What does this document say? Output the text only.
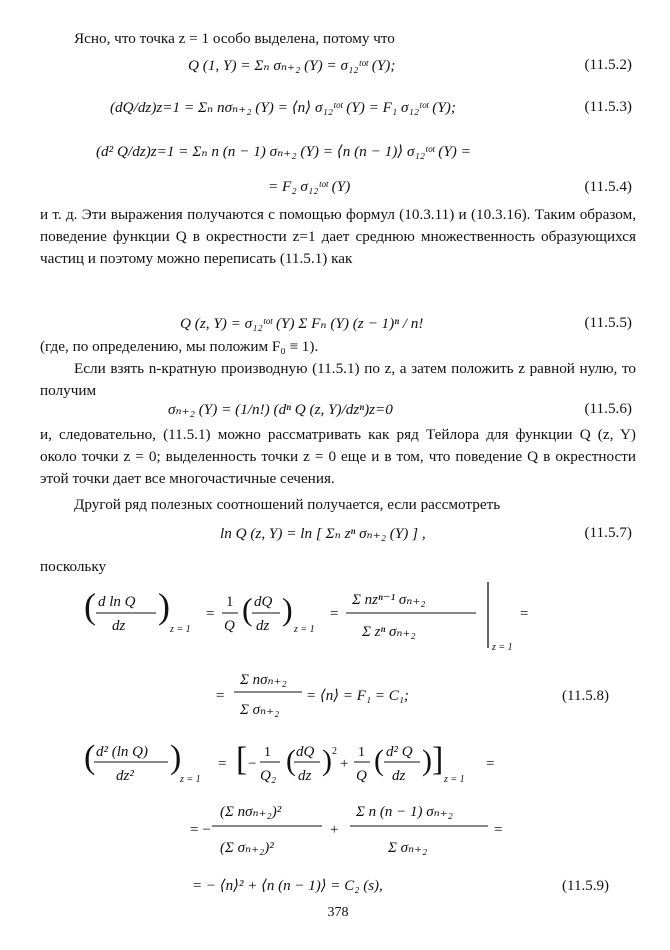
Ясно, что точка z = 1 особо выделена, потому что
Q (1, Y) = Σₙ σₙ₊₂ (Y) = σ₁₂ᵗᵒᵗ (Y);	(11.5.2)
(dQ/dz)z=1 = Σₙ nσₙ₊₂ (Y) = ⟨n⟩ σ₁₂ᵗᵒᵗ (Y) = F₁ σ₁₂ᵗᵒᵗ (Y);	(11.5.3)
(d² Q/dz)z=1 = Σₙ n (n − 1) σₙ₊₂ (Y) = ⟨n (n − 1)⟩ σ₁₂ᵗᵒᵗ (Y) =
= F₂ σ₁₂ᵗᵒᵗ (Y)	(11.5.4)
и т. д. Эти выражения получаются с помощью формул (10.3.11) и (10.3.16). Таким образом, поведение функции Q в окрестности z=1 дает среднюю множественность образующихся частиц и поэтому можно переписать (11.5.1) как
Q (z, Y) = σ₁₂ᵗᵒᵗ (Y) Σ Fₙ (Y) (z − 1)ⁿ / n!	(11.5.5)
(где, по определению, мы положим F₀ ≡ 1).
Если взять n-кратную производную (11.5.1) по z, а затем положить z равной нулю, то получим
σₙ₊₂ (Y) = (1/n!) (dⁿ Q (z, Y)/dzⁿ)z=0	(11.5.6)
и, следовательно, (11.5.1) можно рассматривать как ряд Тейлора для функции Q (z, Y) около точки z = 0; выделенность точки z = 0 еще и в том, что поведение Q в окрестности этой точки дает все многочастичные сечения.
Другой ряд полезных соотношений получается, если рассмотреть
ln Q (z, Y) = ln [ Σₙ zⁿ σₙ₊₂ (Y) ] ,	(11.5.7)
поскольку
( d ln Q
dz )
z = 1
=
1
Q ( dQ
dz )
z = 1
=
Σ nzⁿ⁻¹ σₙ₊₂
Σ zⁿ σₙ₊₂
z = 1
=
=
Σ nσₙ₊₂
Σ σₙ₊₂
= ⟨n⟩ = F₁ = C₁;	(11.5.8)
( d² (ln Q)
dz² )
z = 1
= [ −
1
Q₂ ( dQ
dz ) 2
+
1
Q ( d² Q
dz ) ]
z = 1
=
= −
(Σ nσₙ₊₂)²
(Σ σₙ₊₂)²
+
Σ n (n − 1) σₙ₊₂
Σ σₙ₊₂
=
= − ⟨n⟩² + ⟨n (n − 1)⟩ = C₂ (s),	(11.5.9)
378
